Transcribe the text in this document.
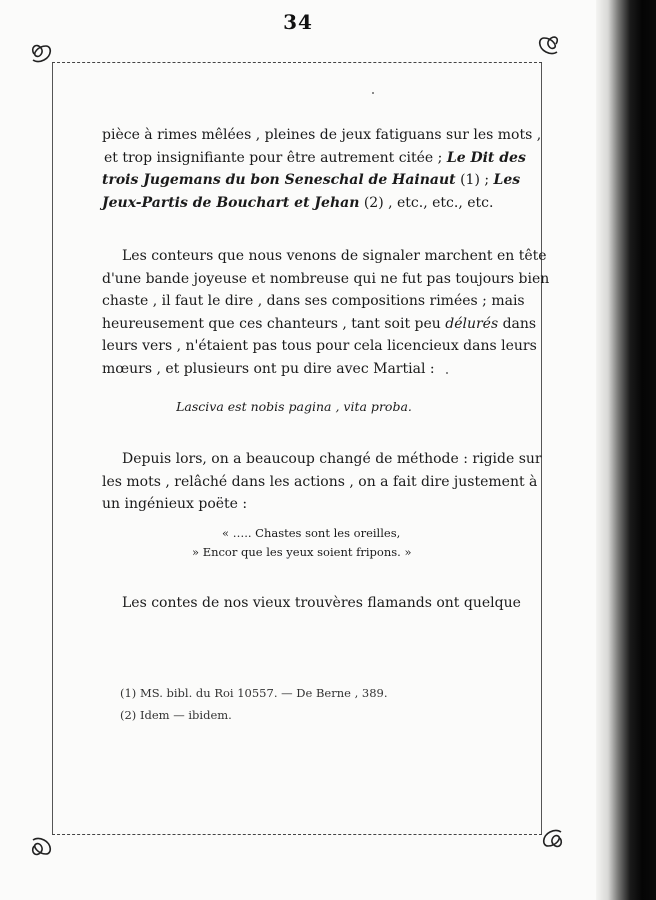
34
pièce à rimes mêlées , pleines de jeux fatiguans sur les mots ,
et trop insignifiante pour être autrement citée ; Le Dit des
trois Jugemans du bon Seneschal de Hainaut (1) ; Les
Jeux-Partis de Bouchart et Jehan (2) , etc., etc., etc.
Les conteurs que nous venons de signaler marchent en tête
d'une bande joyeuse et nombreuse qui ne fut pas toujours bien
chaste , il faut le dire , dans ses compositions rimées ; mais
heureusement que ces chanteurs , tant soit peu délurés dans
leurs vers , n'étaient pas tous pour cela licencieux dans leurs
mœurs , et plusieurs ont pu dire avec Martial :
Lasciva est nobis pagina , vita proba.
Depuis lors, on a beaucoup changé de méthode : rigide sur
les mots , relâché dans les actions , on a fait dire justement à
un ingénieux poëte :
« ….. Chastes sont les oreilles,
» Encor que les yeux soient fripons. »
Les contes de nos vieux trouvères flamands ont quelque
(1) MS. bibl. du Roi 10557. — De Berne , 389.
(2) Idem — ibidem.
